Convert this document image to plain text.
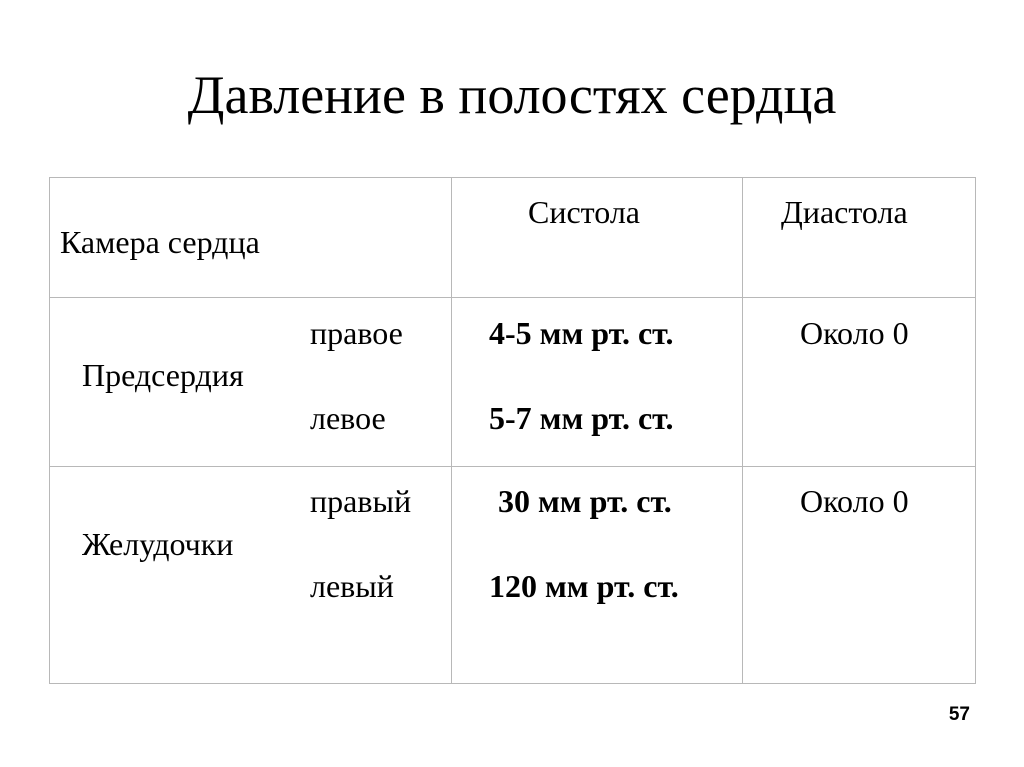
Давление в полостях сердца
Камера сердца
Систола	Диастола
Предсердия
правое
левое
4-5 мм рт. ст.
5-7 мм рт. ст.
Около 0
Желудочки
правый
левый
30 мм рт. ст.
120 мм рт. ст.
Около 0
57
